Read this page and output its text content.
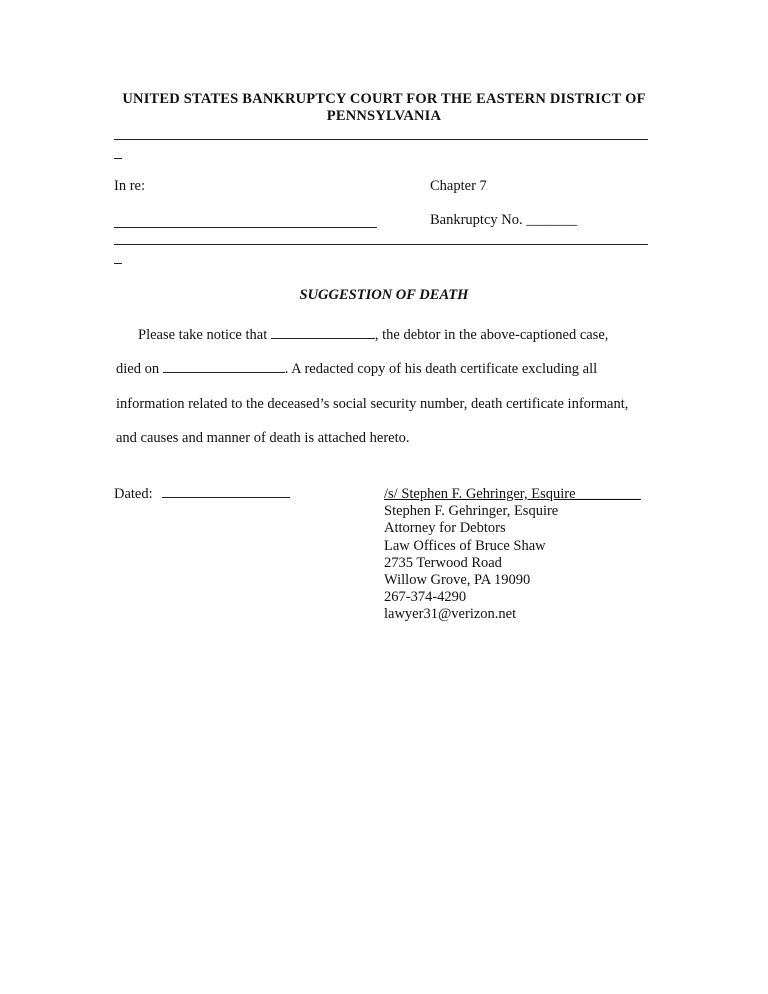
UNITED STATES BANKRUPTCY COURT FOR THE EASTERN DISTRICT OF
PENNSYLVANIA
In re:	Chapter 7
Bankruptcy No. _______
SUGGESTION OF DEATH
Please take notice that	, the debtor in the above-captioned case,
died on	. A redacted copy of his death certificate excluding all
information related to the deceased’s social security number, death certificate informant,
and causes and manner of death is attached hereto.
Dated:	/s/ Stephen F. Gehringer, Esquire_________
Stephen F. Gehringer, Esquire
Attorney for Debtors
Law Offices of Bruce Shaw
2735 Terwood Road
Willow Grove, PA 19090
267-374-4290
lawyer31@verizon.net
